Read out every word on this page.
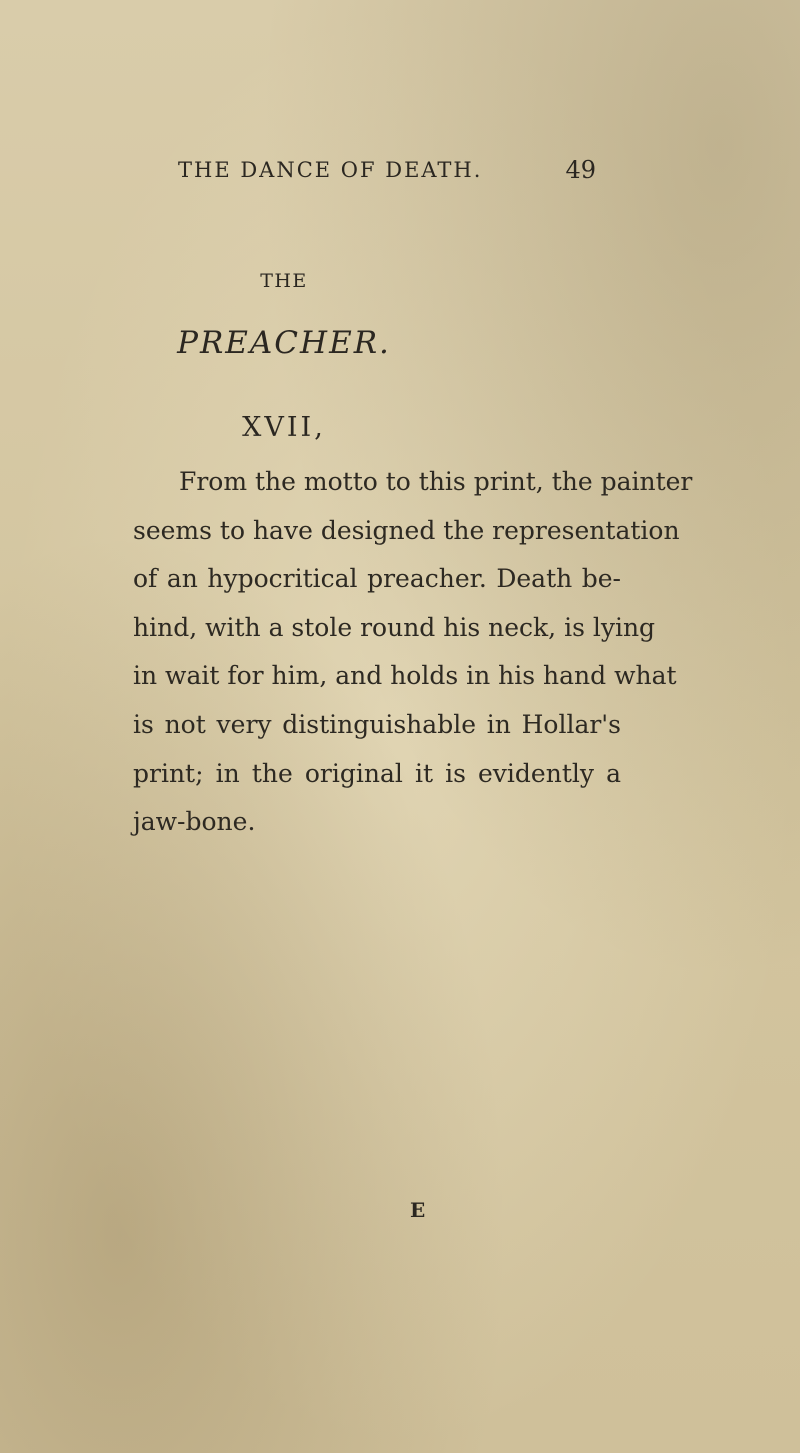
THE DANCE OF DEATH.	49
THE
PREACHER.
XVII,
From the motto to this print, the painter
seems to have designed the representation
of an hypocritical preacher. Death be-
hind, with a stole round his neck, is lying
in wait for him, and holds in his hand what
is not very distinguishable in Hollar's
print; in the original it is evidently a
jaw-bone.
E
